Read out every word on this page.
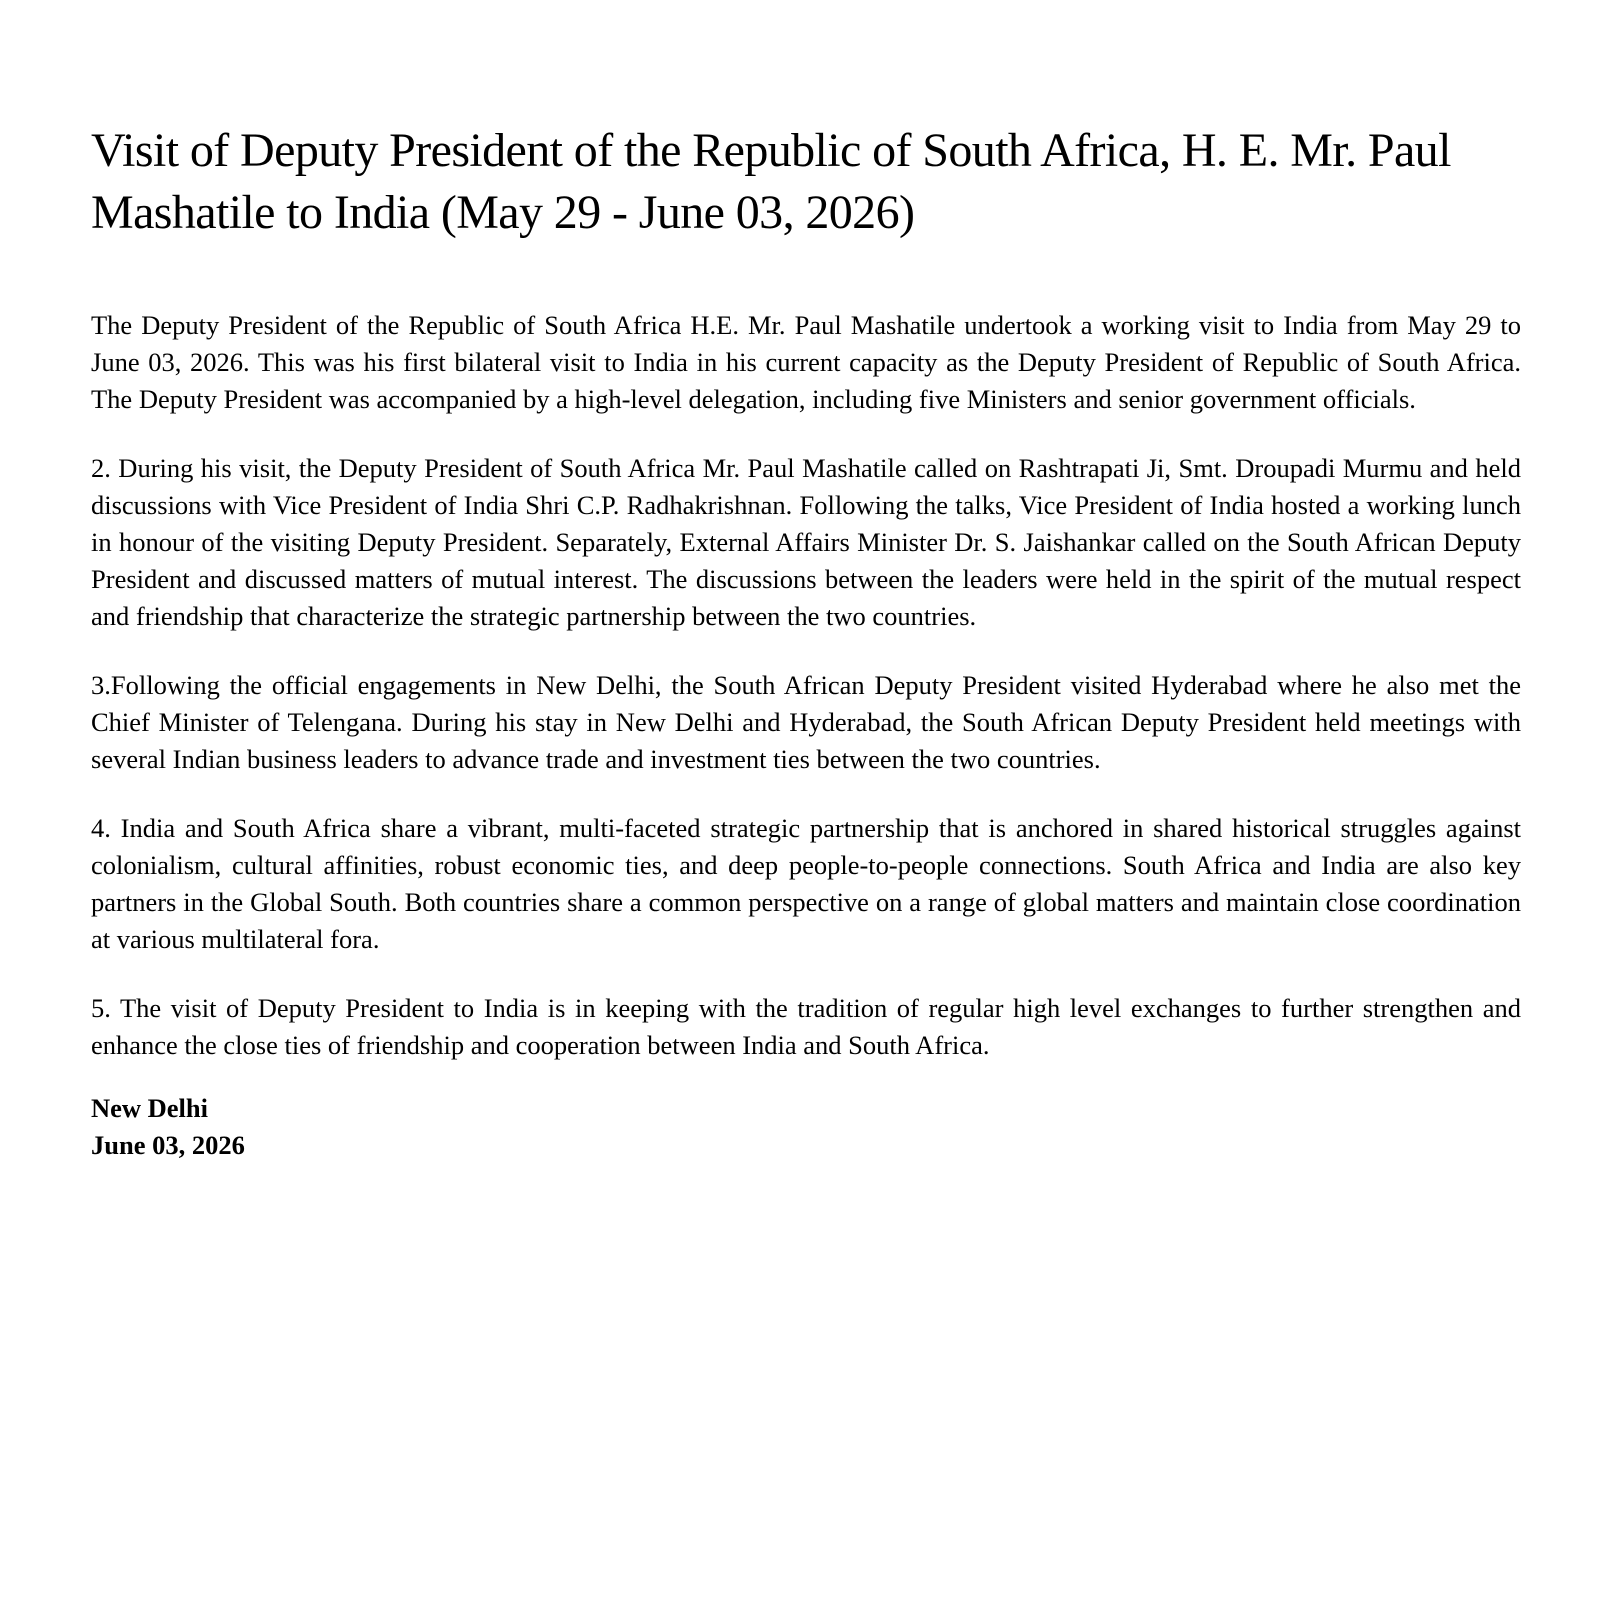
Visit of Deputy President of the Republic of South Africa, H. E. Mr. Paul Mashatile to India (May 29 - June 03, 2026)

The Deputy President of the Republic of South Africa H.E. Mr. Paul Mashatile undertook a working visit to India from May 29 to June 03, 2026. This was his first bilateral visit to India in his current capacity as the Deputy President of Republic of South Africa. The Deputy President was accompanied by a high-level delegation, including five Ministers and senior government officials.

2. During his visit, the Deputy President of South Africa Mr. Paul Mashatile called on Rashtrapati Ji, Smt. Droupadi Murmu and held discussions with Vice President of India Shri C.P. Radhakrishnan. Following the talks, Vice President of India hosted a working lunch in honour of the visiting Deputy President. Separately, External Affairs Minister Dr. S. Jaishankar called on the South African Deputy President and discussed matters of mutual interest. The discussions between the leaders were held in the spirit of the mutual respect and friendship that characterize the strategic partnership between the two countries.

3.Following the official engagements in New Delhi, the South African Deputy President visited Hyderabad where he also met the Chief Minister of Telengana. During his stay in New Delhi and Hyderabad, the South African Deputy President held meetings with several Indian business leaders to advance trade and investment ties between the two countries.

4. India and South Africa share a vibrant, multi-faceted strategic partnership that is anchored in shared historical struggles against colonialism, cultural affinities, robust economic ties, and deep people-to-people connections. South Africa and India are also key partners in the Global South. Both countries share a common perspective on a range of global matters and maintain close coordination at various multilateral fora.

5. The visit of Deputy President to India is in keeping with the tradition of regular high level exchanges to further strengthen and enhance the close ties of friendship and cooperation between India and South Africa.

New Delhi
June 03, 2026
